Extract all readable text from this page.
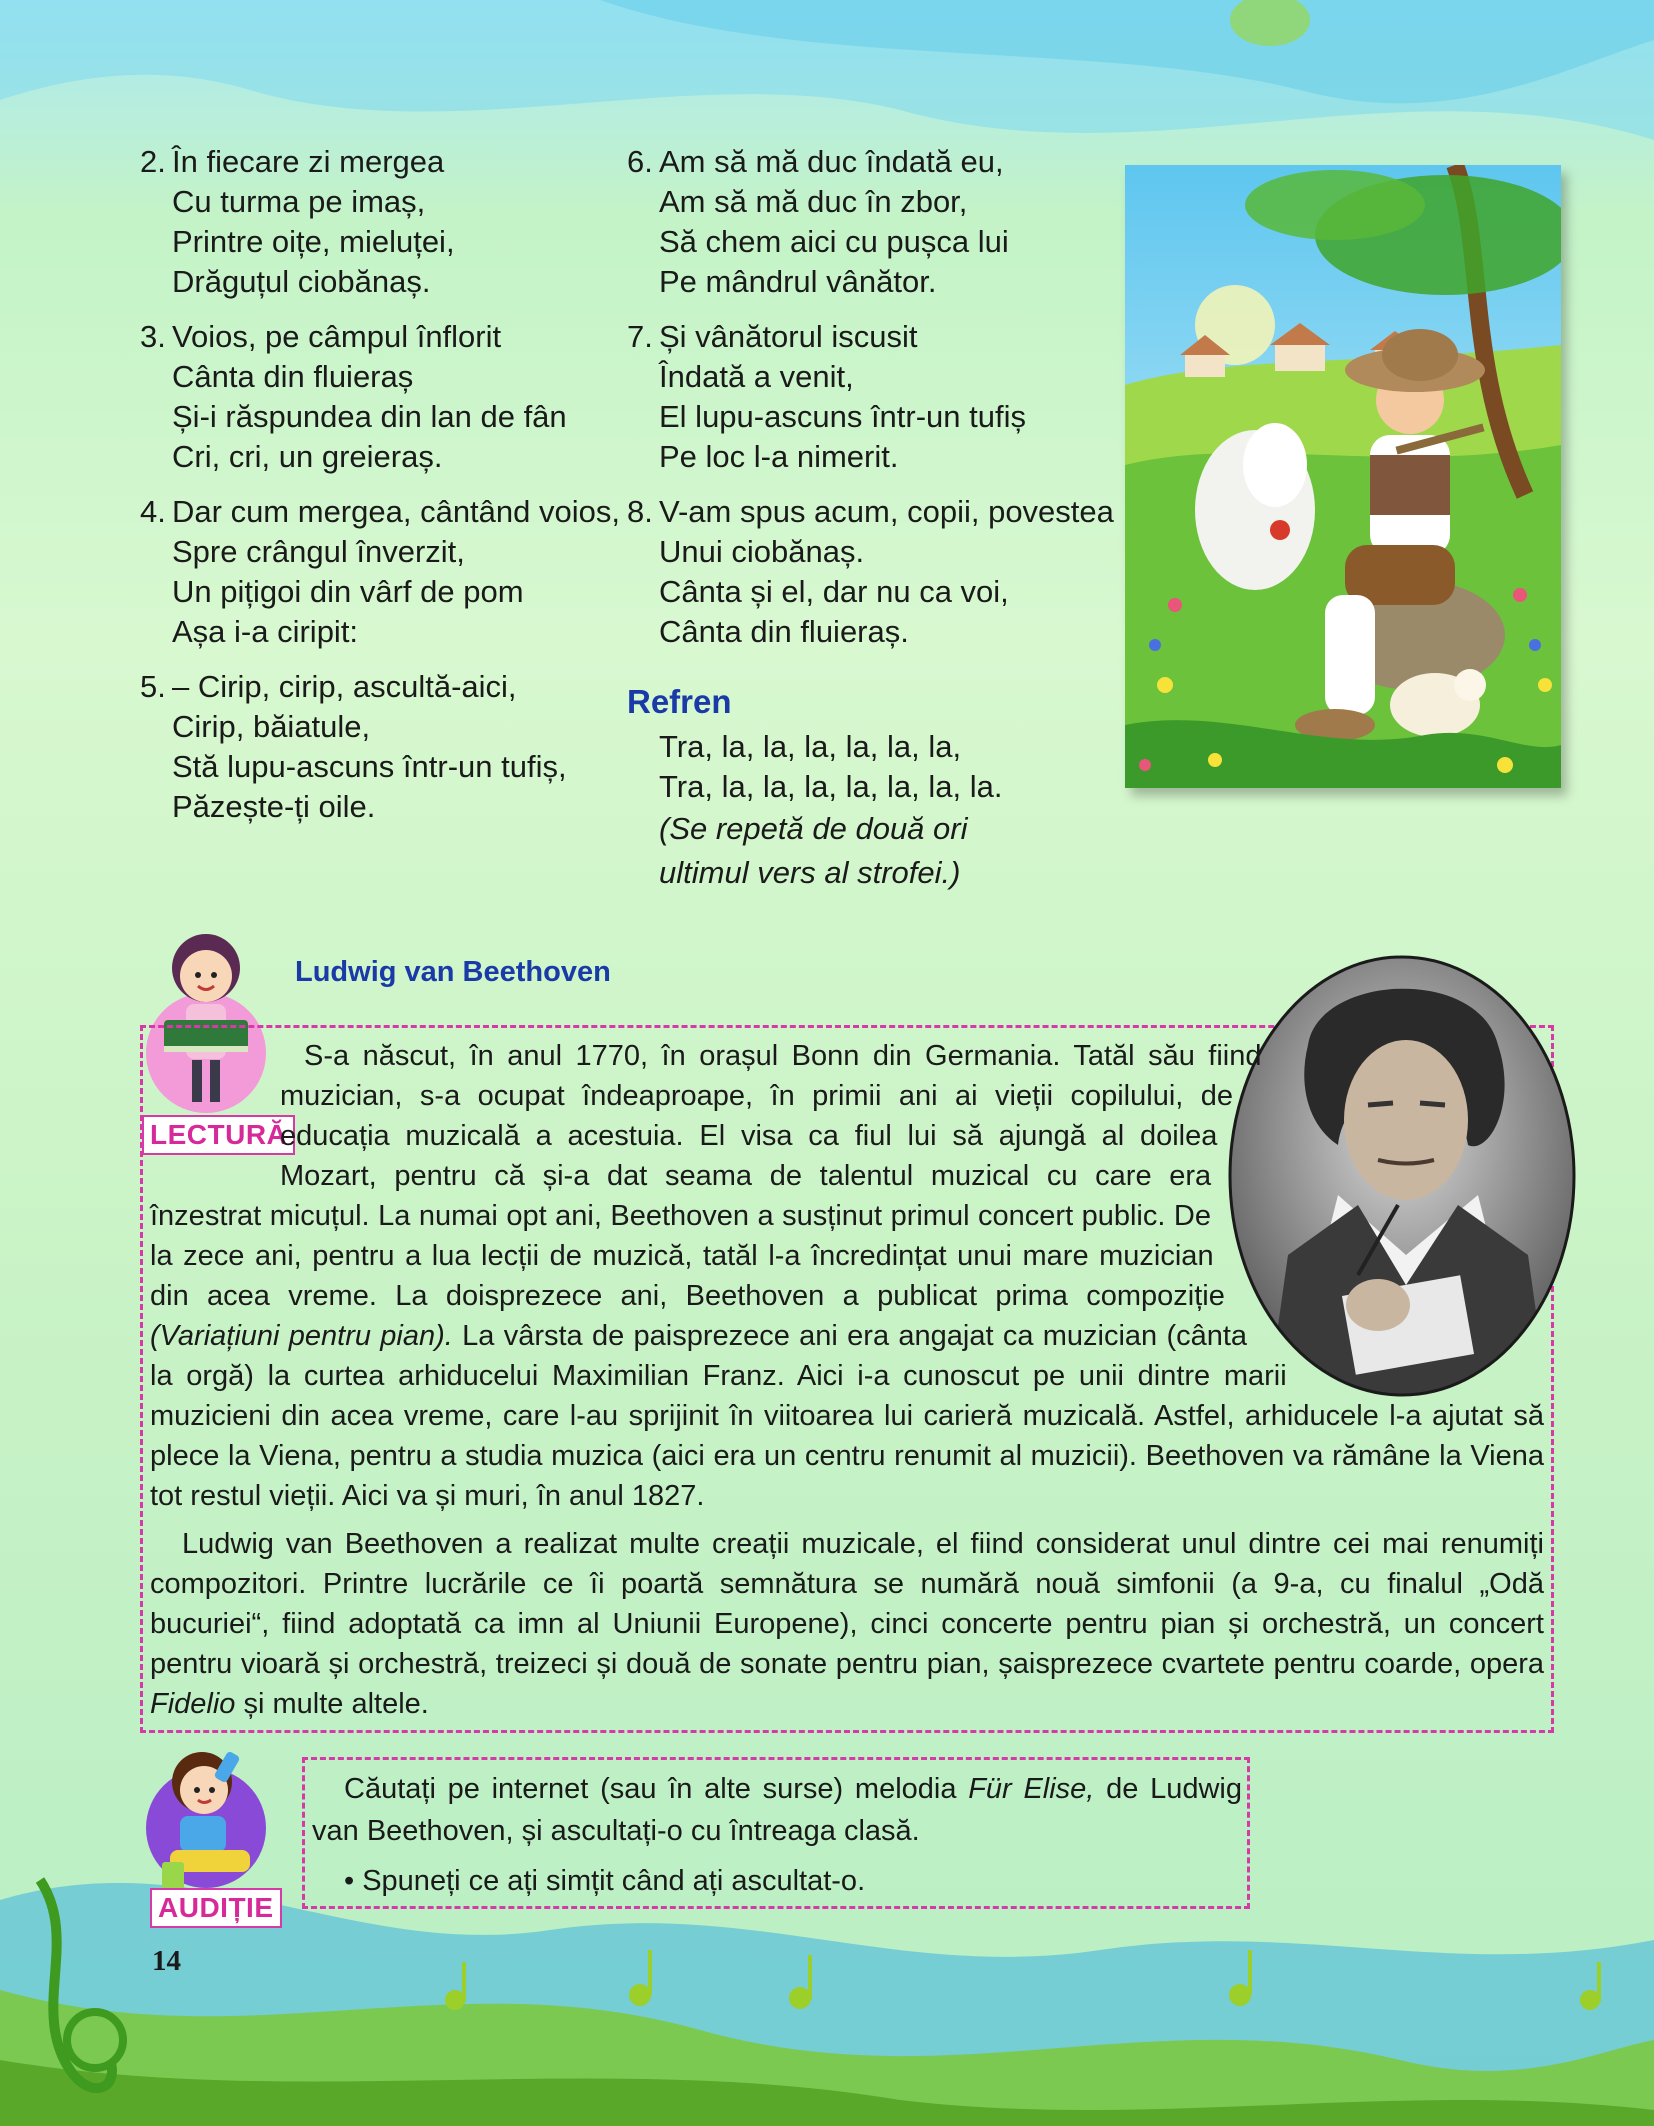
2. În fiecare zi mergea
Cu turma pe imaș,
Printre oițe, mieluței,
Drăguțul ciobănaș.
3. Voios, pe câmpul înflorit
Cânta din fluieraș
Și-i răspundea din lan de fân
Cri, cri, un greieraș.
4. Dar cum mergea, cântând voios,
Spre crângul înverzit,
Un pițigoi din vârf de pom
Așa i-a ciripit:
5. – Cirip, cirip, ascultă-aici,
Cirip, băiatule,
Stă lupu-ascuns într-un tufiș,
Păzește-ți oile.
6. Am să mă duc îndată eu,
Am să mă duc în zbor,
Să chem aici cu pușca lui
Pe mândrul vânător.
7. Și vânătorul iscusit
Îndată a venit,
El lupu-ascuns într-un tufiș
Pe loc l-a nimerit.
8. V-am spus acum, copii, povestea
Unui ciobănaș.
Cânta și el, dar nu ca voi,
Cânta din fluieraș.
Refren
Tra, la, la, la, la, la, la,
Tra, la, la, la, la, la, la, la.
(Se repetă de două ori
ultimul vers al strofei.)
LECTURĂ
Ludwig van Beethoven

S-a născut, în anul 1770, în orașul Bonn din Germania. Tatăl său fiind muzician, s-a ocupat îndeaproape, în primii ani ai vieții copilului, de educația muzicală a acestuia. El visa ca fiul lui să ajungă al doilea Mozart, pentru că și-a dat seama de talentul muzical cu care era înzestrat micuțul. La numai opt ani, Beethoven a susținut primul concert public. De la zece ani, pentru a lua lecții de muzică, tatăl l-a încredințat unui mare muzician din acea vreme. La doisprezece ani, Beethoven a publicat prima compoziție (Variațiuni pentru pian). La vârsta de paisprezece ani era angajat ca muzician (cânta la orgă) la curtea arhiducelui Maximilian Franz. Aici i-a cunoscut pe unii dintre marii muzicieni din acea vreme, care l-au sprijinit în viitoarea lui carieră muzicală. Astfel, arhiducele l-a ajutat să plece la Viena, pentru a studia muzica (aici era un centru renumit al muzicii). Beethoven va rămâne la Viena tot restul vieții. Aici va și muri, în anul 1827.

Ludwig van Beethoven a realizat multe creații muzicale, el fiind considerat unul dintre cei mai renumiți compozitori. Printre lucrările ce îi poartă semnătura se numără nouă simfonii (a 9-a, cu finalul „Odă bucuriei“, fiind adoptată ca imn al Uniunii Europene), cinci concerte pentru pian și orchestră, un concert pentru vioară și orchestră, treizeci și două de sonate pentru pian, șaisprezece cvartete pentru coarde, opera Fidelio și multe altele.

AUDIȚIE

Căutați pe internet (sau în alte surse) melodia Für Elise, de Ludwig van Beethoven, și ascultați-o cu întreaga clasă.

• Spuneți ce ați simțit când ați ascultat-o.

14
